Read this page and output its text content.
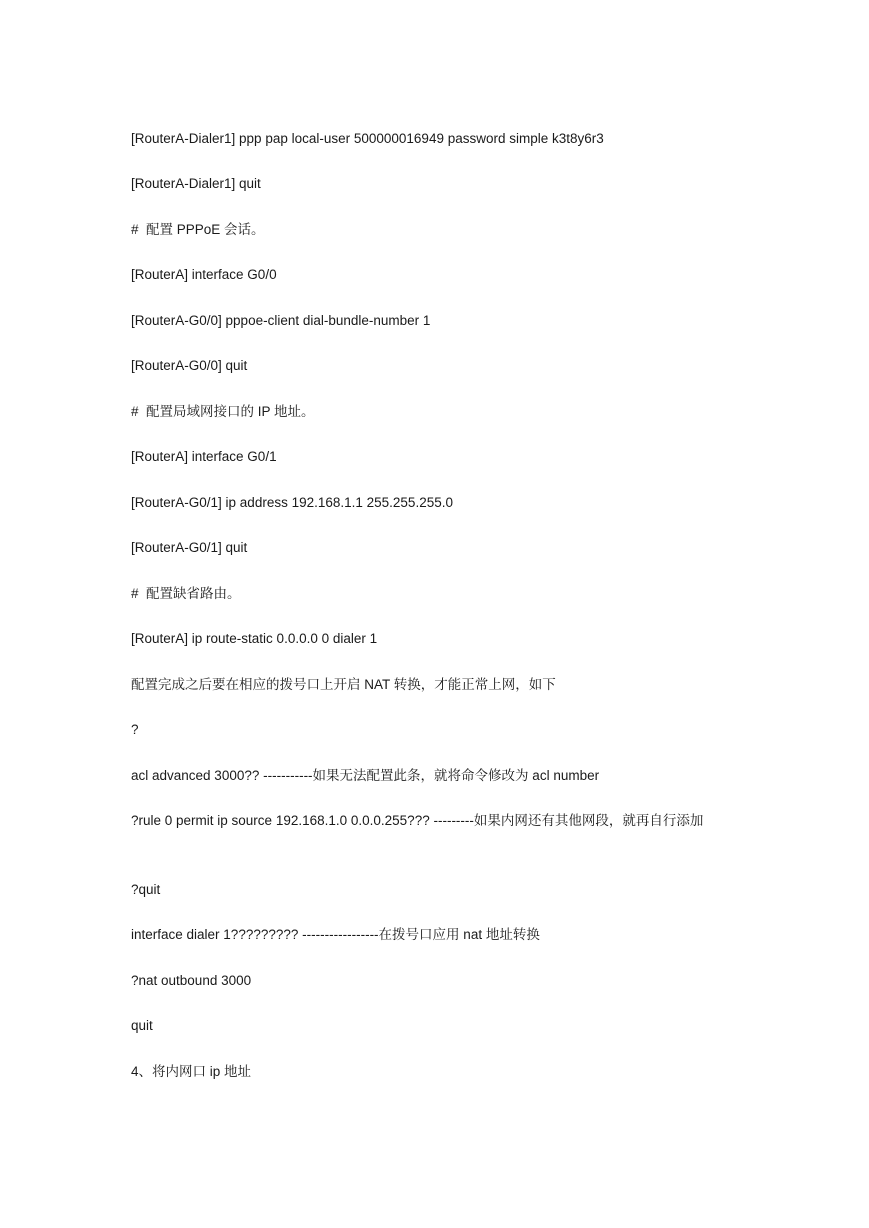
[RouterA-Dialer1] ppp pap local-user 500000016949 password simple k3t8y6r3
[RouterA-Dialer1] quit
#  配置 PPPoE 会话。
[RouterA] interface G0/0
[RouterA-G0/0] pppoe-client dial-bundle-number 1
[RouterA-G0/0] quit
#  配置局域网接口的 IP 地址。
[RouterA] interface G0/1
[RouterA-G0/1] ip address 192.168.1.1 255.255.255.0
[RouterA-G0/1] quit
#  配置缺省路由。
[RouterA] ip route-static 0.0.0.0 0 dialer 1
配置完成之后要在相应的拨号口上开启 NAT 转换，才能正常上网，如下
?
acl advanced 3000?? -----------如果无法配置此条，就将命令修改为 acl number
?rule 0 permit ip source 192.168.1.0 0.0.0.255??? ---------如果内网还有其他网段，就再自行添加
?quit
interface dialer 1????????? -----------------在拨号口应用 nat 地址转换
?nat outbound 3000
quit
4、将内网口 ip 地址
